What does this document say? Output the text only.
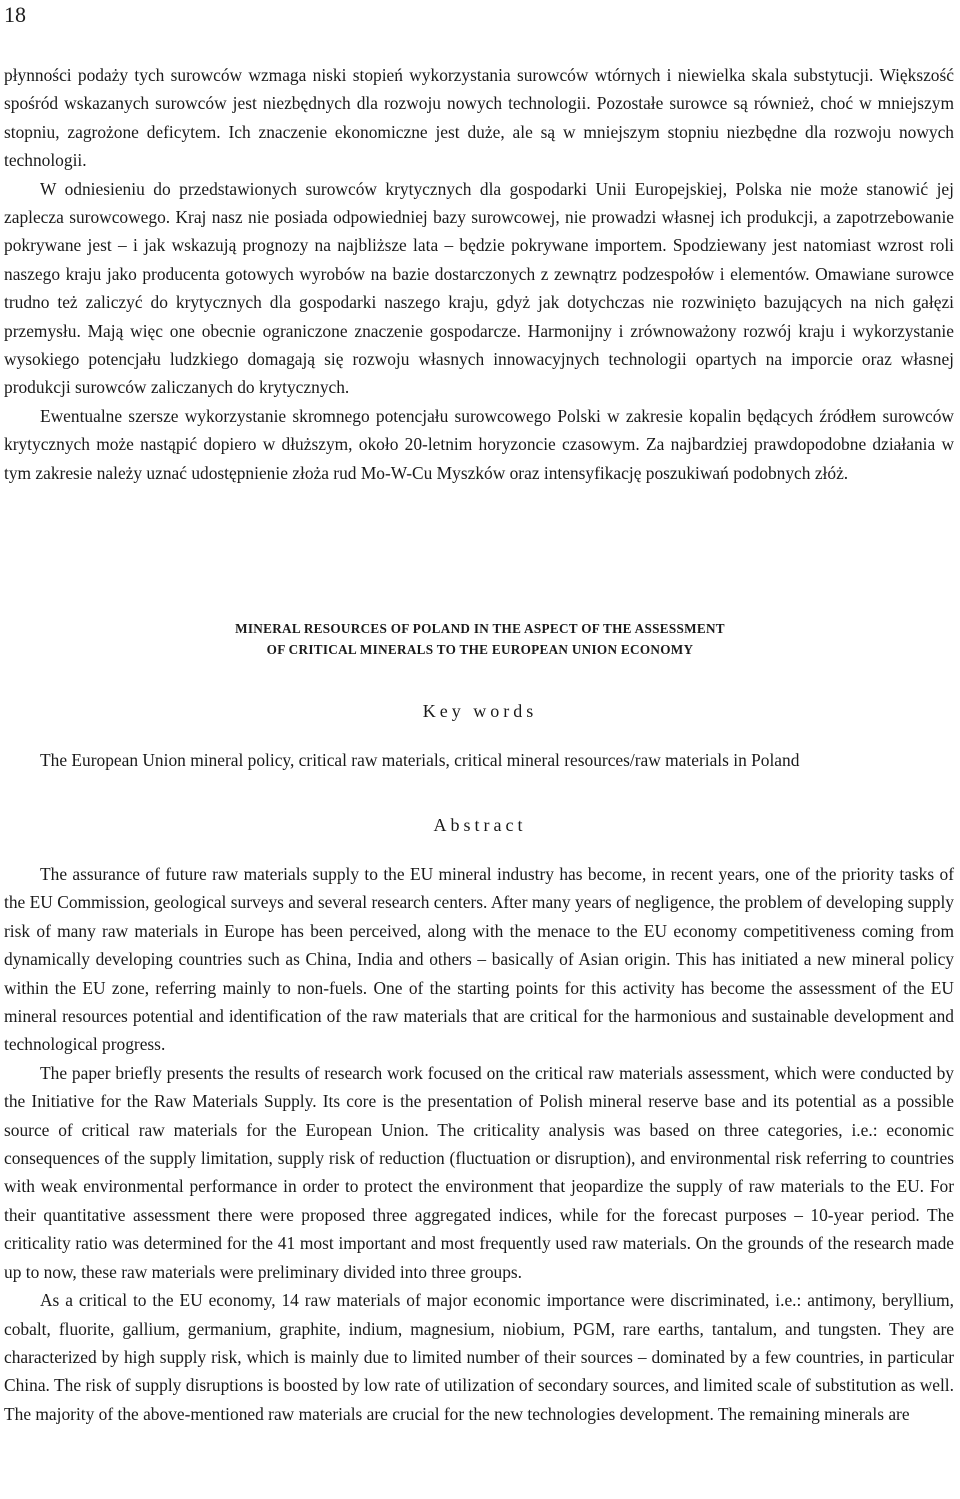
18

płynności podaży tych surowców wzmaga niski stopień wykorzystania surowców wtórnych i niewielka skala substytucji. Większość spośród wskazanych surowców jest niezbędnych dla rozwoju nowych technologii. Pozostałe surowce są również, choć w mniejszym stopniu, zagrożone deficytem. Ich znaczenie ekonomiczne jest duże, ale są w mniejszym stopniu niezbędne dla rozwoju nowych technologii.

W odniesieniu do przedstawionych surowców krytycznych dla gospodarki Unii Europejskiej, Polska nie może stanowić jej zaplecza surowcowego. Kraj nasz nie posiada odpowiedniej bazy surowcowej, nie prowadzi własnej ich produkcji, a zapotrzebowanie pokrywane jest – i jak wskazują prognozy na najbliższe lata – będzie pokrywane importem. Spodziewany jest natomiast wzrost roli naszego kraju jako producenta gotowych wyrobów na bazie dostarczonych z zewnątrz podzespołów i elementów. Omawiane surowce trudno też zaliczyć do krytycznych dla gospodarki naszego kraju, gdyż jak dotychczas nie rozwinięto bazujących na nich gałęzi przemysłu. Mają więc one obecnie ograniczone znaczenie gospodarcze. Harmonijny i zrównoważony rozwój kraju i wykorzystanie wysokiego potencjału ludzkiego domagają się rozwoju własnych innowacyjnych technologii opartych na imporcie oraz własnej produkcji surowców zaliczanych do krytycznych.

Ewentualne szersze wykorzystanie skromnego potencjału surowcowego Polski w zakresie kopalin będących źródłem surowców krytycznych może nastąpić dopiero w dłuższym, około 20-letnim horyzoncie czasowym. Za najbardziej prawdopodobne działania w tym zakresie należy uznać udostępnienie złoża rud Mo-W-Cu Myszków oraz intensyfikację poszukiwań podobnych złóż.

MINERAL RESOURCES OF POLAND IN THE ASPECT OF THE ASSESSMENT
OF CRITICAL MINERALS TO THE EUROPEAN UNION ECONOMY
Key words
The European Union mineral policy, critical raw materials, critical mineral resources/raw materials in Poland
Abstract

The assurance of future raw materials supply to the EU mineral industry has become, in recent years, one of the priority tasks of the EU Commission, geological surveys and several research centers. After many years of negligence, the problem of developing supply risk of many raw materials in Europe has been perceived, along with the menace to the EU economy competitiveness coming from dynamically developing countries such as China, India and others – basically of Asian origin. This has initiated a new mineral policy within the EU zone, referring mainly to non-fuels. One of the starting points for this activity has become the assessment of the EU mineral resources potential and identification of the raw materials that are critical for the harmonious and sustainable development and technological progress.

The paper briefly presents the results of research work focused on the critical raw materials assessment, which were conducted by the Initiative for the Raw Materials Supply. Its core is the presentation of Polish mineral reserve base and its potential as a possible source of critical raw materials for the European Union. The criticality analysis was based on three categories, i.e.: economic consequences of the supply limitation, supply risk of reduction (fluctuation or disruption), and environmental risk referring to countries with weak environmental performance in order to protect the environment that jeopardize the supply of raw materials to the EU. For their quantitative assessment there were proposed three aggregated indices, while for the forecast purposes – 10-year period. The criticality ratio was determined for the 41 most important and most frequently used raw materials. On the grounds of the research made up to now, these raw materials were preliminary divided into three groups.

As a critical to the EU economy, 14 raw materials of major economic importance were discriminated, i.e.: antimony, beryllium, cobalt, fluorite, gallium, germanium, graphite, indium, magnesium, niobium, PGM, rare earths, tantalum, and tungsten. They are characterized by high supply risk, which is mainly due to limited number of their sources – dominated by a few countries, in particular China. The risk of supply disruptions is boosted by low rate of utilization of secondary sources, and limited scale of substitution as well. The majority of the above-mentioned raw materials are crucial for the new technologies development. The remaining minerals are
